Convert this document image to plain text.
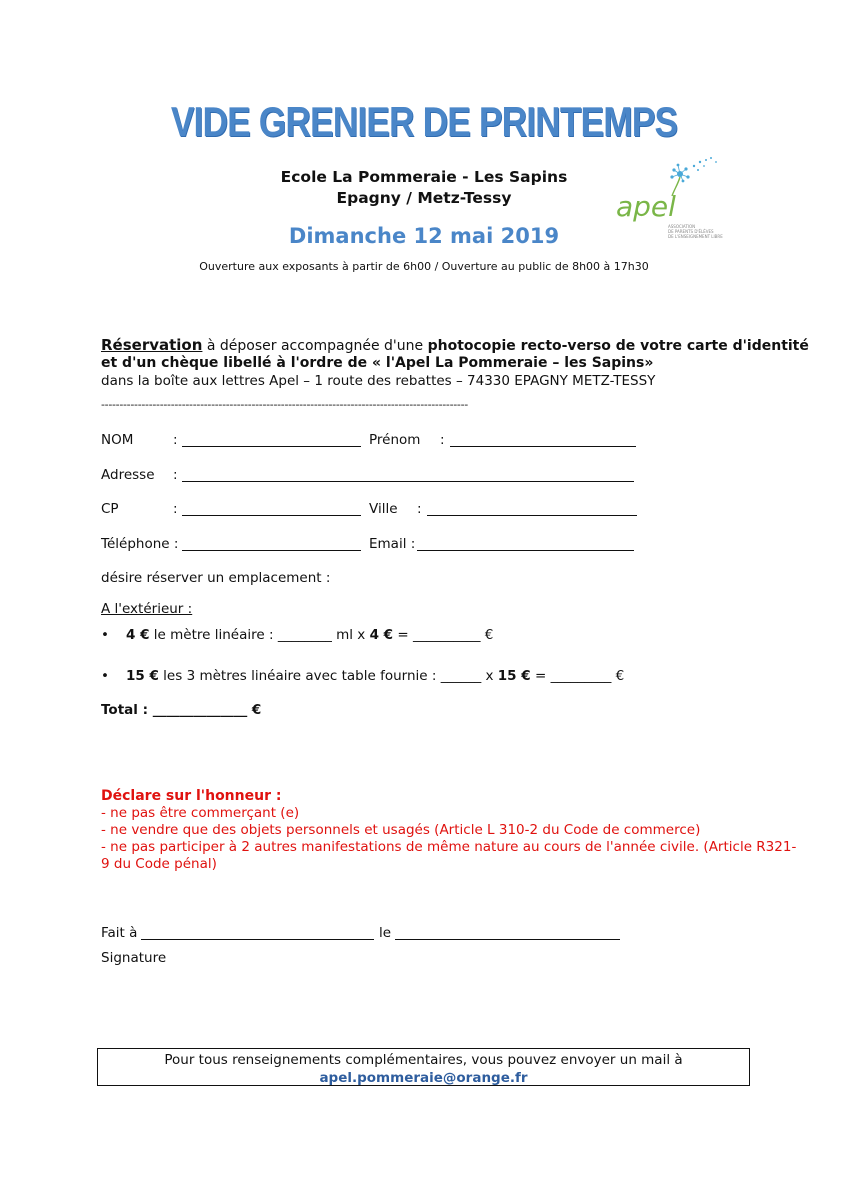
VIDE GRENIER DE PRINTEMPS
Ecole La Pommeraie - Les Sapins
Epagny / Metz-Tessy
Dimanche 12 mai 2019
Ouverture aux exposants à partir de 6h00 / Ouverture au public de 8h00 à 17h30
apel
ASSOCIATION
DE PARENTS D'ÉLÈVES
DE L'ENSEIGNEMENT LIBRE
Réservation à déposer accompagnée d'une photocopie recto-verso de votre carte d'identité
et d'un chèque libellé à l'ordre de « l'Apel La Pommeraie – les Sapins»
dans la boîte aux lettres Apel – 1 route des rebattes – 74330 EPAGNY METZ-TESSY
----------------------------------------------------------------------------------------------------
NOM	:	Prénom :
Adresse :
CP	:	Ville :
Téléphone :	Email :
désire réserver un emplacement :
A l'extérieur :
• 4 € le mètre linéaire : ________ ml x 4 € = __________ €
• 15 € les 3 mètres linéaire avec table fournie : ______ x 15 € = _________ €
Total : ______________ €
Déclare sur l'honneur :
- ne pas être commerçant (e)
- ne vendre que des objets personnels et usagés (Article L 310-2 du Code de commerce)
- ne pas participer à 2 autres manifestations de même nature au cours de l'année civile. (Article R321-
9 du Code pénal)
Fait à	le
Signature
Pour tous renseignements complémentaires, vous pouvez envoyer un mail à
apel.pommeraie@orange.fr
